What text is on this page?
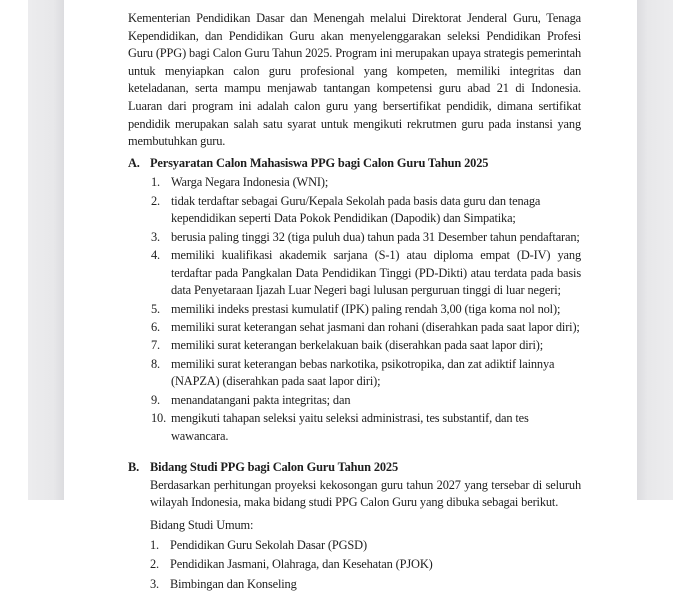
Kementerian Pendidikan Dasar dan Menengah melalui Direktorat Jenderal Guru, Tenaga Kependidikan, dan Pendidikan Guru akan menyelenggarakan seleksi Pendidikan Profesi Guru (PPG) bagi Calon Guru Tahun 2025. Program ini merupakan upaya strategis pemerintah untuk menyiapkan calon guru profesional yang kompeten, memiliki integritas dan keteladanan, serta mampu menjawab tantangan kompetensi guru abad 21 di Indonesia. Luaran dari program ini adalah calon guru yang bersertifikat pendidik, dimana sertifikat pendidik merupakan salah satu syarat untuk mengikuti rekrutmen guru pada instansi yang membutuhkan guru.

A. Persyaratan Calon Mahasiswa PPG bagi Calon Guru Tahun 2025
1. Warga Negara Indonesia (WNI);
2. tidak terdaftar sebagai Guru/Kepala Sekolah pada basis data guru dan tenaga kependidikan seperti Data Pokok Pendidikan (Dapodik) dan Simpatika;
3. berusia paling tinggi 32 (tiga puluh dua) tahun pada 31 Desember tahun pendaftaran;
4. memiliki kualifikasi akademik sarjana (S-1) atau diploma empat (D-IV) yang terdaftar pada Pangkalan Data Pendidikan Tinggi (PD-Dikti) atau terdata pada basis data Penyetaraan Ijazah Luar Negeri bagi lulusan perguruan tinggi di luar negeri;
5. memiliki indeks prestasi kumulatif (IPK) paling rendah 3,00 (tiga koma nol nol);
6. memiliki surat keterangan sehat jasmani dan rohani (diserahkan pada saat lapor diri);
7. memiliki surat keterangan berkelakuan baik (diserahkan pada saat lapor diri);
8. memiliki surat keterangan bebas narkotika, psikotropika, dan zat adiktif lainnya (NAPZA) (diserahkan pada saat lapor diri);
9. menandatangani pakta integritas; dan
10. mengikuti tahapan seleksi yaitu seleksi administrasi, tes substantif, dan tes wawancara.
B. Bidang Studi PPG bagi Calon Guru Tahun 2025

Berdasarkan perhitungan proyeksi kekosongan guru tahun 2027 yang tersebar di seluruh wilayah Indonesia, maka bidang studi PPG Calon Guru yang dibuka sebagai berikut.

Bidang Studi Umum:
1. Pendidikan Guru Sekolah Dasar (PGSD)
2. Pendidikan Jasmani, Olahraga, dan Kesehatan (PJOK)
3. Bimbingan dan Konseling
